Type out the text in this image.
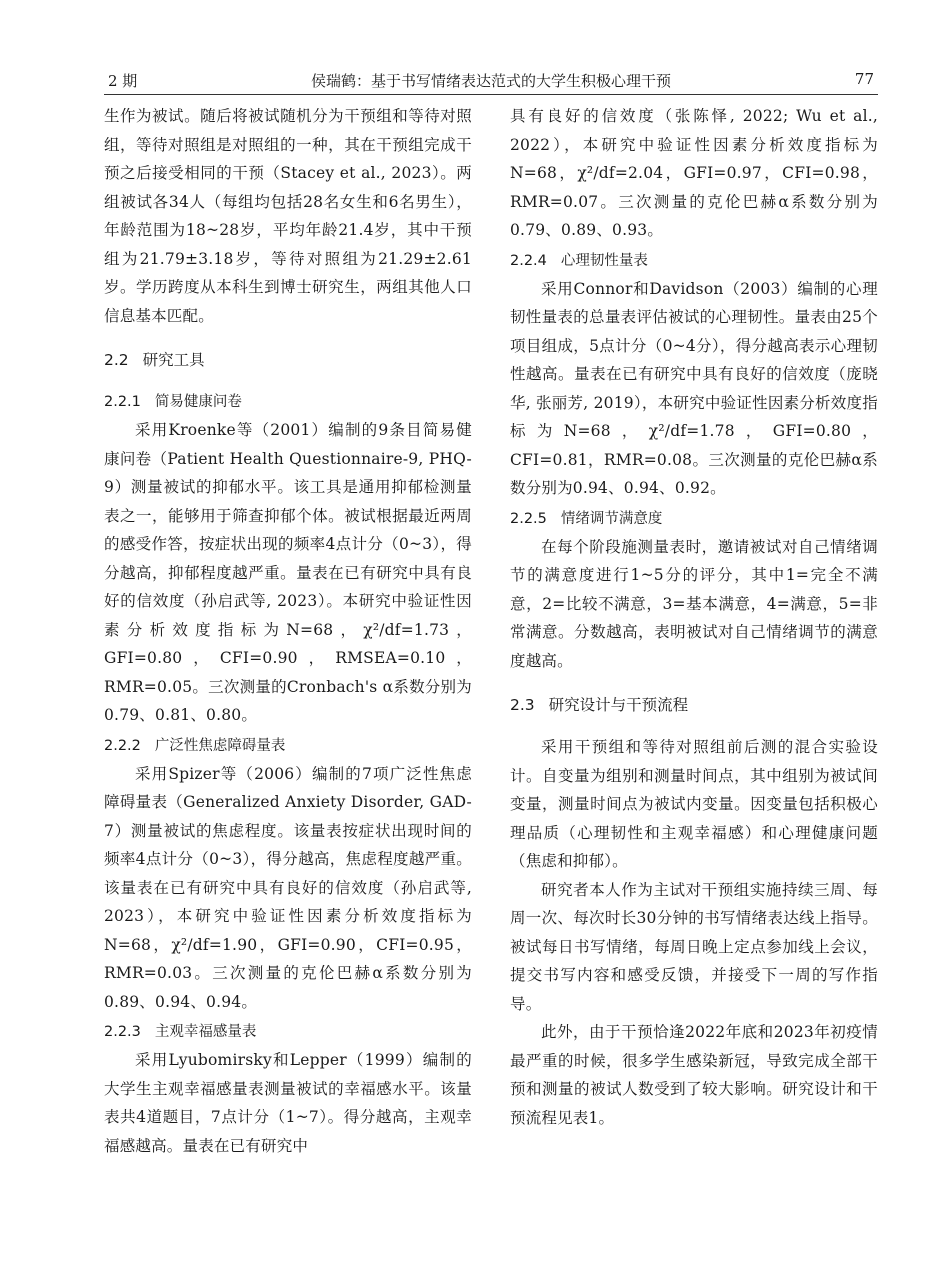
2 期	侯瑞鹤：基于书写情绪表达范式的大学生积极心理干预	77

生作为被试。随后将被试随机分为干预组和等待对照组，等待对照组是对照组的一种，其在干预组完成干预之后接受相同的干预（Stacey et al., 2023）。两组被试各34人（每组均包括28名女生和6名男生），年龄范围为18~28岁，平均年龄21.4岁，其中干预组为21.79±3.18岁，等待对照组为21.29±2.61岁。学历跨度从本科生到博士研究生，两组其他人口信息基本匹配。

2.2 研究工具
2.2.1 简易健康问卷

采用Kroenke等（2001）编制的9条目简易健康问卷（Patient Health Questionnaire-9, PHQ-9）测量被试的抑郁水平。该工具是通用抑郁检测量表之一，能够用于筛查抑郁个体。被试根据最近两周的感受作答，按症状出现的频率4点计分（0~3），得分越高，抑郁程度越严重。量表在已有研究中具有良好的信效度（孙启武等, 2023）。本研究中验证性因素分析效度指标为N=68，χ²/df=1.73，GFI=0.80，CFI=0.90，RMSEA=0.10，RMR=0.05。三次测量的Cronbach's α系数分别为0.79、0.81、0.80。

2.2.2 广泛性焦虑障碍量表

采用Spizer等（2006）编制的7项广泛性焦虑障碍量表（Generalized Anxiety Disorder, GAD-7）测量被试的焦虑程度。该量表按症状出现时间的频率4点计分（0~3），得分越高，焦虑程度越严重。该量表在已有研究中具有良好的信效度（孙启武等, 2023），本研究中验证性因素分析效度指标为N=68，χ²/df=1.90，GFI=0.90，CFI=0.95，RMR=0.03。三次测量的克伦巴赫α系数分别为0.89、0.94、0.94。

2.2.3 主观幸福感量表

采用Lyubomirsky和Lepper（1999）编制的大学生主观幸福感量表测量被试的幸福感水平。该量表共4道题目，7点计分（1~7）。得分越高，主观幸福感越高。量表在已有研究中

具有良好的信效度（张陈怿, 2022; Wu et al., 2022），本研究中验证性因素分析效度指标为N=68，χ²/df=2.04，GFI=0.97，CFI=0.98，RMR=0.07。三次测量的克伦巴赫α系数分别为0.79、0.89、0.93。

2.2.4 心理韧性量表

采用Connor和Davidson（2003）编制的心理韧性量表的总量表评估被试的心理韧性。量表由25个项目组成，5点计分（0~4分），得分越高表示心理韧性越高。量表在已有研究中具有良好的信效度（庞晓华, 张丽芳, 2019），本研究中验证性因素分析效度指标为N=68，χ²/df=1.78，GFI=0.80，CFI=0.81，RMR=0.08。三次测量的克伦巴赫α系数分别为0.94、0.94、0.92。

2.2.5 情绪调节满意度

在每个阶段施测量表时，邀请被试对自己情绪调节的满意度进行1~5分的评分，其中1=完全不满意，2=比较不满意，3=基本满意，4=满意，5=非常满意。分数越高，表明被试对自己情绪调节的满意度越高。

2.3 研究设计与干预流程

采用干预组和等待对照组前后测的混合实验设计。自变量为组别和测量时间点，其中组别为被试间变量，测量时间点为被试内变量。因变量包括积极心理品质（心理韧性和主观幸福感）和心理健康问题（焦虑和抑郁）。

研究者本人作为主试对干预组实施持续三周、每周一次、每次时长30分钟的书写情绪表达线上指导。被试每日书写情绪，每周日晚上定点参加线上会议，提交书写内容和感受反馈，并接受下一周的写作指导。

此外，由于干预恰逢2022年底和2023年初疫情最严重的时候，很多学生感染新冠，导致完成全部干预和测量的被试人数受到了较大影响。研究设计和干预流程见表1。
